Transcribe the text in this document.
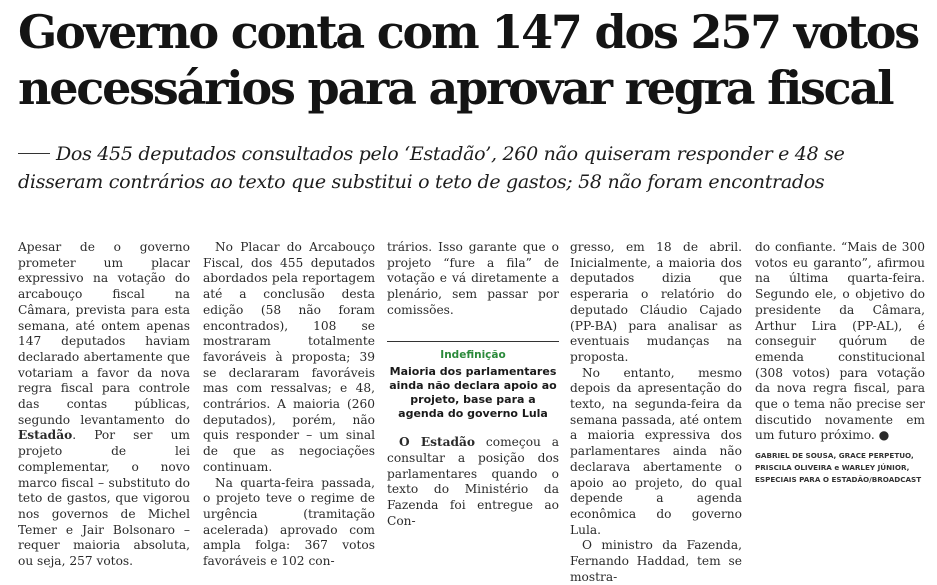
Governo conta com 147 dos 257 votos necessários para aprovar regra fiscal
Dos 455 deputados consultados pelo ‘Estadão’, 260 não quiseram responder e 48 se disseram contrários ao texto que substitui o teto de gastos; 58 não foram encontrados

Apesar de o governo prometer um placar expressivo na votação do arcabouço fiscal na Câmara, prevista para esta semana, até ontem apenas 147 deputados haviam declarado abertamente que votariam a favor da nova regra fiscal para controle das contas públicas, segundo levantamento do Estadão. Por ser um projeto de lei complementar, o novo marco fiscal – substituto do teto de gastos, que vigorou nos governos de Michel Temer e Jair Bolsonaro – requer maioria absoluta, ou seja, 257 votos.

No Placar do Arcabouço Fiscal, dos 455 deputados abordados pela reportagem até a conclusão desta edição (58 não foram encontrados), 108 se mostraram totalmente favoráveis à proposta; 39 se declararam favoráveis mas com ressalvas; e 48, contrários. A maioria (260 deputados), porém, não quis responder – um sinal de que as negociações continuam.

Na quarta-feira passada, o projeto teve o regime de urgência (tramitação acelerada) aprovado com ampla folga: 367 votos favoráveis e 102 con-

trários. Isso garante que o projeto “fure a fila” de votação e vá diretamente a plenário, sem passar por comissões.

Indefinição
Maioria dos parlamentares ainda não declara apoio ao projeto, base para a agenda do governo Lula

O Estadão começou a consultar a posição dos parlamentares quando o texto do Ministério da Fazenda foi entregue ao Con-

gresso, em 18 de abril. Inicialmente, a maioria dos deputados dizia que esperaria o relatório do deputado Cláudio Cajado (PP-BA) para analisar as eventuais mudanças na proposta.

No entanto, mesmo depois da apresentação do texto, na segunda-feira da semana passada, até ontem a maioria expressiva dos parlamentares ainda não declarava abertamente o apoio ao projeto, do qual depende a agenda econômica do governo Lula.

O ministro da Fazenda, Fernando Haddad, tem se mostra-

do confiante. “Mais de 300 votos eu garanto”, afirmou na última quarta-feira. Segundo ele, o objetivo do presidente da Câmara, Arthur Lira (PP-AL), é conseguir quórum de emenda constitucional (308 votos) para votação da nova regra fiscal, para que o tema não precise ser discutido novamente em um futuro próximo. ●

GABRIEL DE SOUSA, GRACE PERPETUO, PRISCILA OLIVEIRA e WARLEY JÚNIOR, ESPECIAIS PARA O ESTADÃO/BROADCAST
